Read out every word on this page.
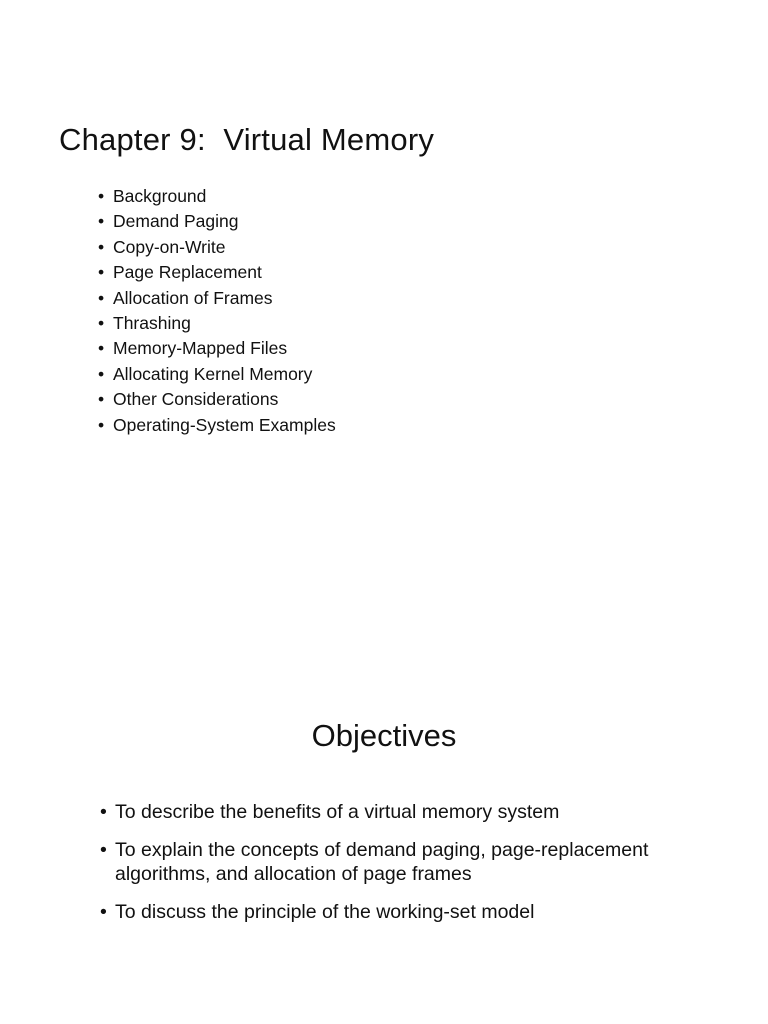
Chapter 9:  Virtual Memory
• Background
• Demand Paging
• Copy-on-Write
• Page Replacement
• Allocation of Frames
• Thrashing
• Memory-Mapped Files
• Allocating Kernel Memory
• Other Considerations
• Operating-System Examples
Objectives
• To describe the benefits of a virtual memory system
• To explain the concepts of demand paging, page-replacement algorithms, and allocation of page frames
• To discuss the principle of the working-set model
